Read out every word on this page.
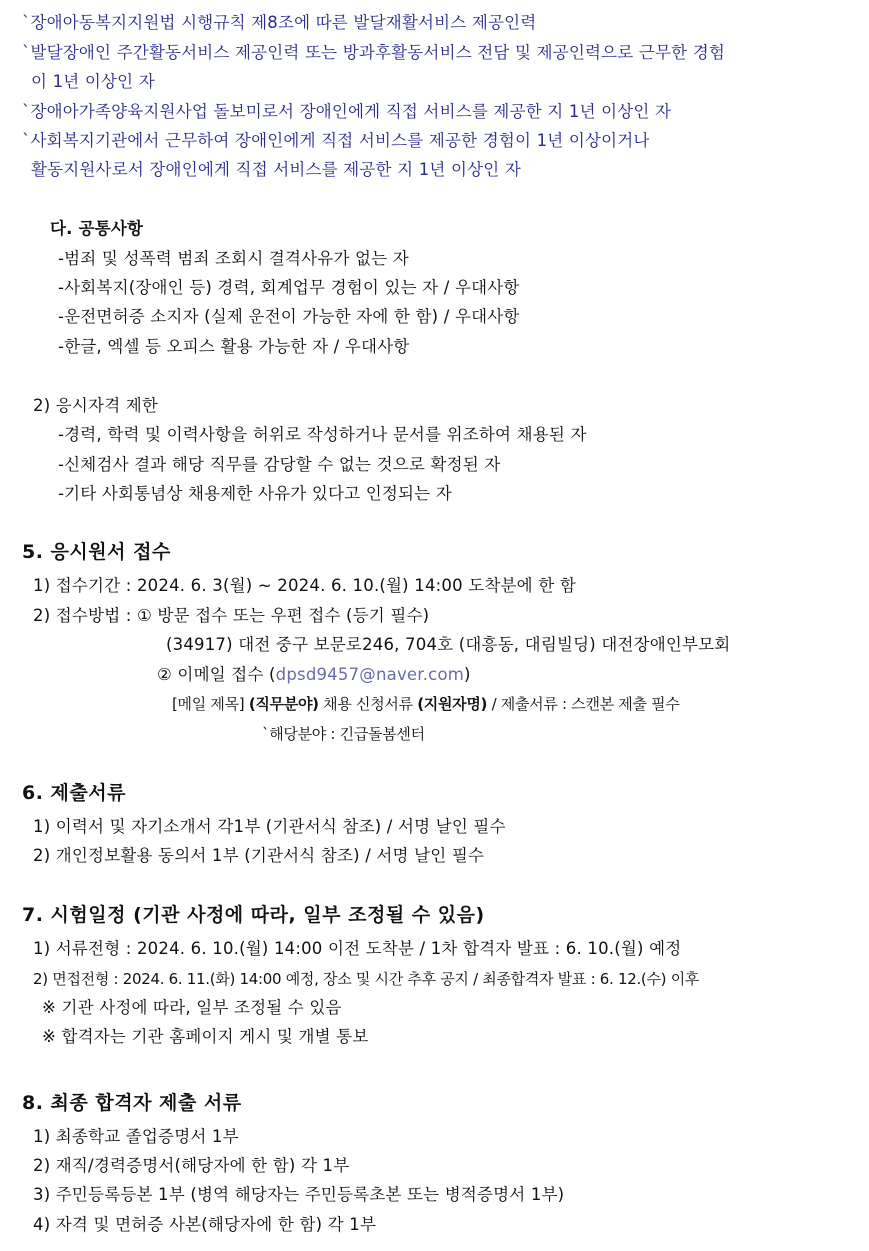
`장애아동복지지원법 시행규칙 제8조에 따른 발달재활서비스 제공인력
`발달장애인 주간활동서비스 제공인력 또는 방과후활동서비스 전담 및 제공인력으로 근무한 경험
이 1년 이상인 자
`장애아가족양육지원사업 돌보미로서 장애인에게 직접 서비스를 제공한 지 1년 이상인 자
`사회복지기관에서 근무하여 장애인에게 직접 서비스를 제공한 경험이 1년 이상이거나
활동지원사로서 장애인에게 직접 서비스를 제공한 지 1년 이상인 자
다. 공통사항
-범죄 및 성폭력 범죄 조회시 결격사유가 없는 자
-사회복지(장애인 등) 경력, 회계업무 경험이 있는 자 / 우대사항
-운전면허증 소지자 (실제 운전이 가능한 자에 한 함) / 우대사항
-한글, 엑셀 등 오피스 활용 가능한 자 / 우대사항
2) 응시자격 제한
-경력, 학력 및 이력사항을 허위로 작성하거나 문서를 위조하여 채용된 자
-신체검사 결과 해당 직무를 감당할 수 없는 것으로 확정된 자
-기타 사회통념상 채용제한 사유가 있다고 인정되는 자
5. 응시원서 접수
1) 접수기간 : 2024. 6. 3(월) ~ 2024. 6. 10.(월) 14:00 도착분에 한 함
2) 접수방법 : ① 방문 접수 또는 우편 접수 (등기 필수)
(34917) 대전 중구 보문로246, 704호 (대흥동, 대림빌딩) 대전장애인부모회
② 이메일 접수 (dpsd9457@naver.com)
[메일 제목] (직무분야) 채용 신청서류 (지원자명) / 제출서류 : 스캔본 제출 필수
`해당분야 : 긴급돌봄센터
6. 제출서류
1) 이력서 및 자기소개서 각1부 (기관서식 참조) / 서명 날인 필수
2) 개인정보활용 동의서 1부 (기관서식 참조) / 서명 날인 필수
7. 시험일정 (기관 사정에 따라, 일부 조정될 수 있음)
1) 서류전형 : 2024. 6. 10.(월) 14:00 이전 도착분 / 1차 합격자 발표 : 6. 10.(월) 예정
2) 면접전형 : 2024. 6. 11.(화) 14:00 예정, 장소 및 시간 추후 공지 / 최종합격자 발표 : 6. 12.(수) 이후
※ 기관 사정에 따라, 일부 조정될 수 있음
※ 합격자는 기관 홈페이지 게시 및 개별 통보
8. 최종 합격자 제출 서류
1) 최종학교 졸업증명서 1부
2) 재직/경력증명서(해당자에 한 함) 각 1부
3) 주민등록등본 1부 (병역 해당자는 주민등록초본 또는 병적증명서 1부)
4) 자격 및 면허증 사본(해당자에 한 함) 각 1부
